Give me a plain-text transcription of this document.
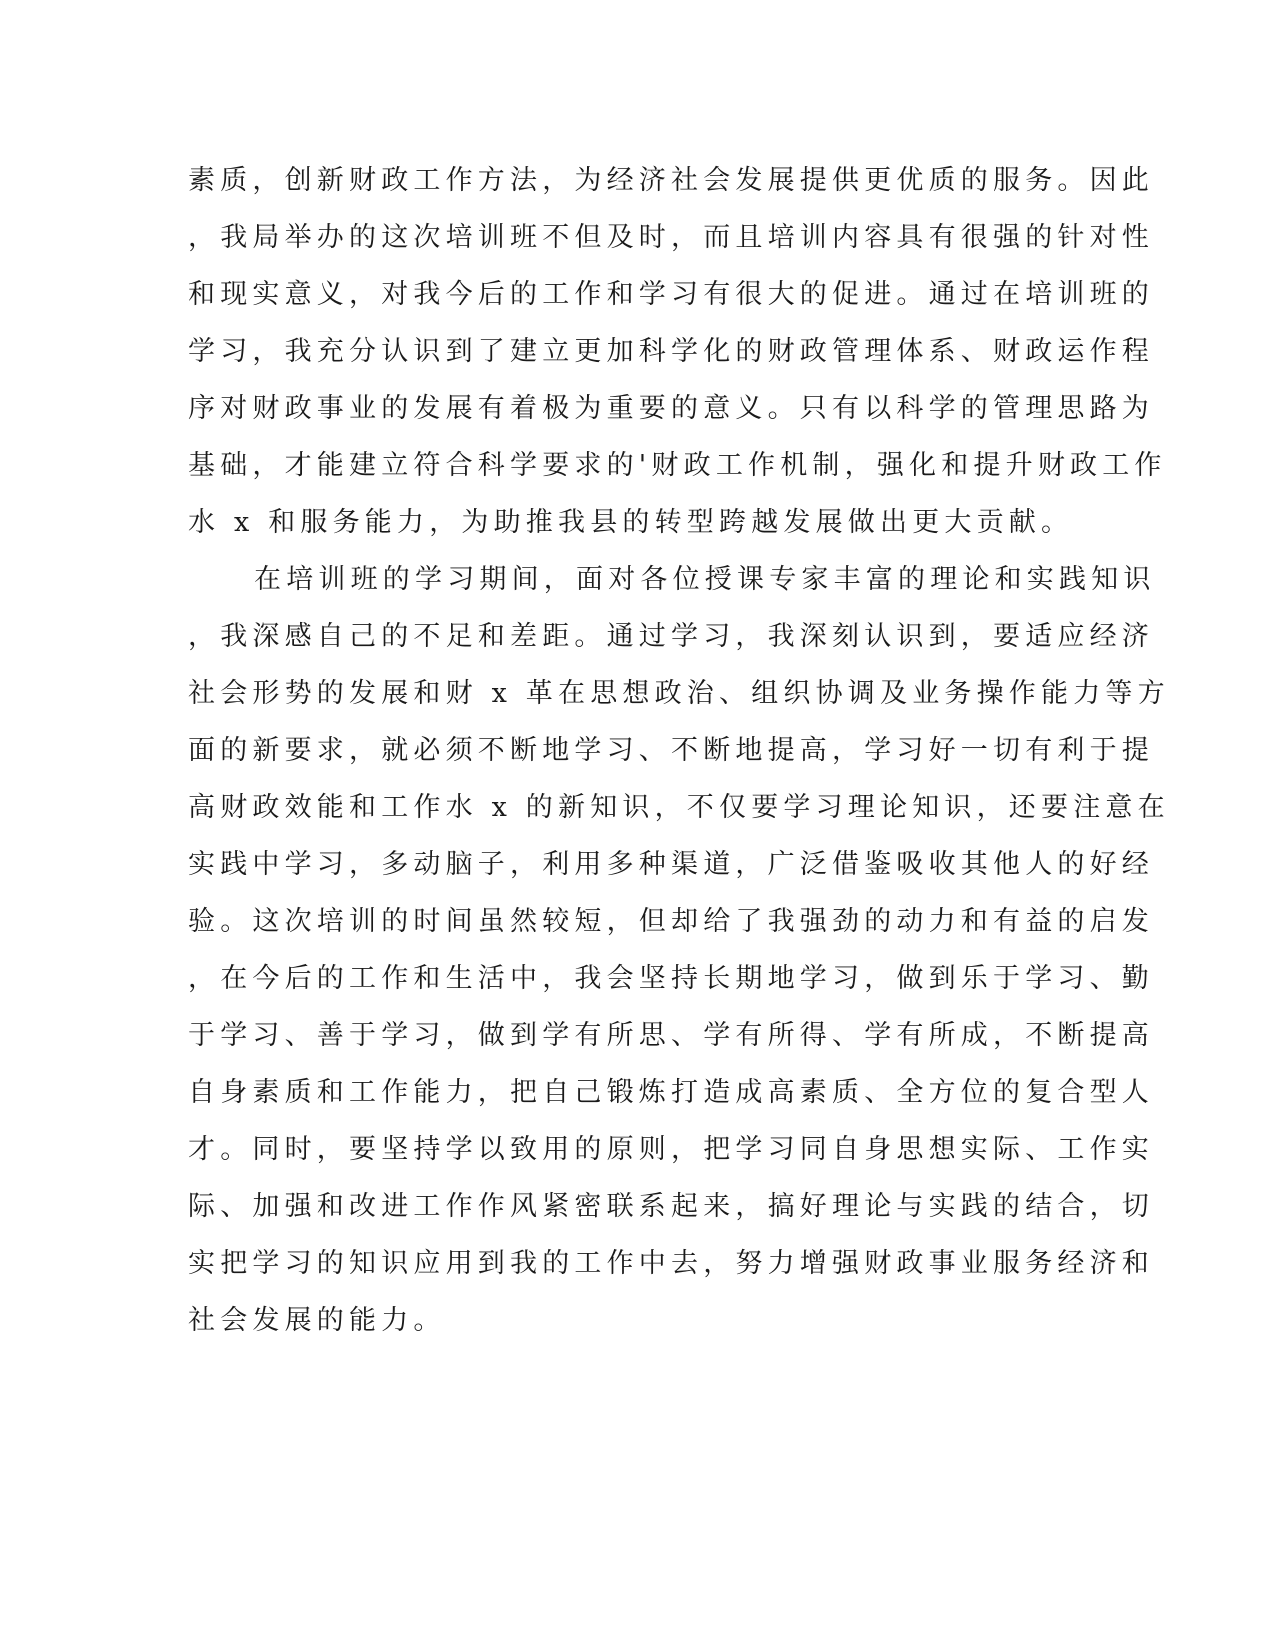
素质，创新财政工作方法，为经济社会发展提供更优质的服务。因此

，我局举办的这次培训班不但及时，而且培训内容具有很强的针对性

和现实意义，对我今后的工作和学习有很大的促进。通过在培训班的

学习，我充分认识到了建立更加科学化的财政管理体系、财政运作程

序对财政事业的发展有着极为重要的意义。只有以科学的管理思路为

基础，才能建立符合科学要求的'财政工作机制，强化和提升财政工作

水 x 和服务能力，为助推我县的转型跨越发展做出更大贡献。

在培训班的学习期间，面对各位授课专家丰富的理论和实践知识

，我深感自己的不足和差距。通过学习，我深刻认识到，要适应经济

社会形势的发展和财 x 革在思想政治、组织协调及业务操作能力等方

面的新要求，就必须不断地学习、不断地提高，学习好一切有利于提

高财政效能和工作水 x 的新知识，不仅要学习理论知识，还要注意在

实践中学习，多动脑子，利用多种渠道，广泛借鉴吸收其他人的好经

验。这次培训的时间虽然较短，但却给了我强劲的动力和有益的启发

，在今后的工作和生活中，我会坚持长期地学习，做到乐于学习、勤

于学习、善于学习，做到学有所思、学有所得、学有所成，不断提高

自身素质和工作能力，把自己锻炼打造成高素质、全方位的复合型人

才。同时，要坚持学以致用的原则，把学习同自身思想实际、工作实

际、加强和改进工作作风紧密联系起来，搞好理论与实践的结合，切

实把学习的知识应用到我的工作中去，努力增强财政事业服务经济和

社会发展的能力。
